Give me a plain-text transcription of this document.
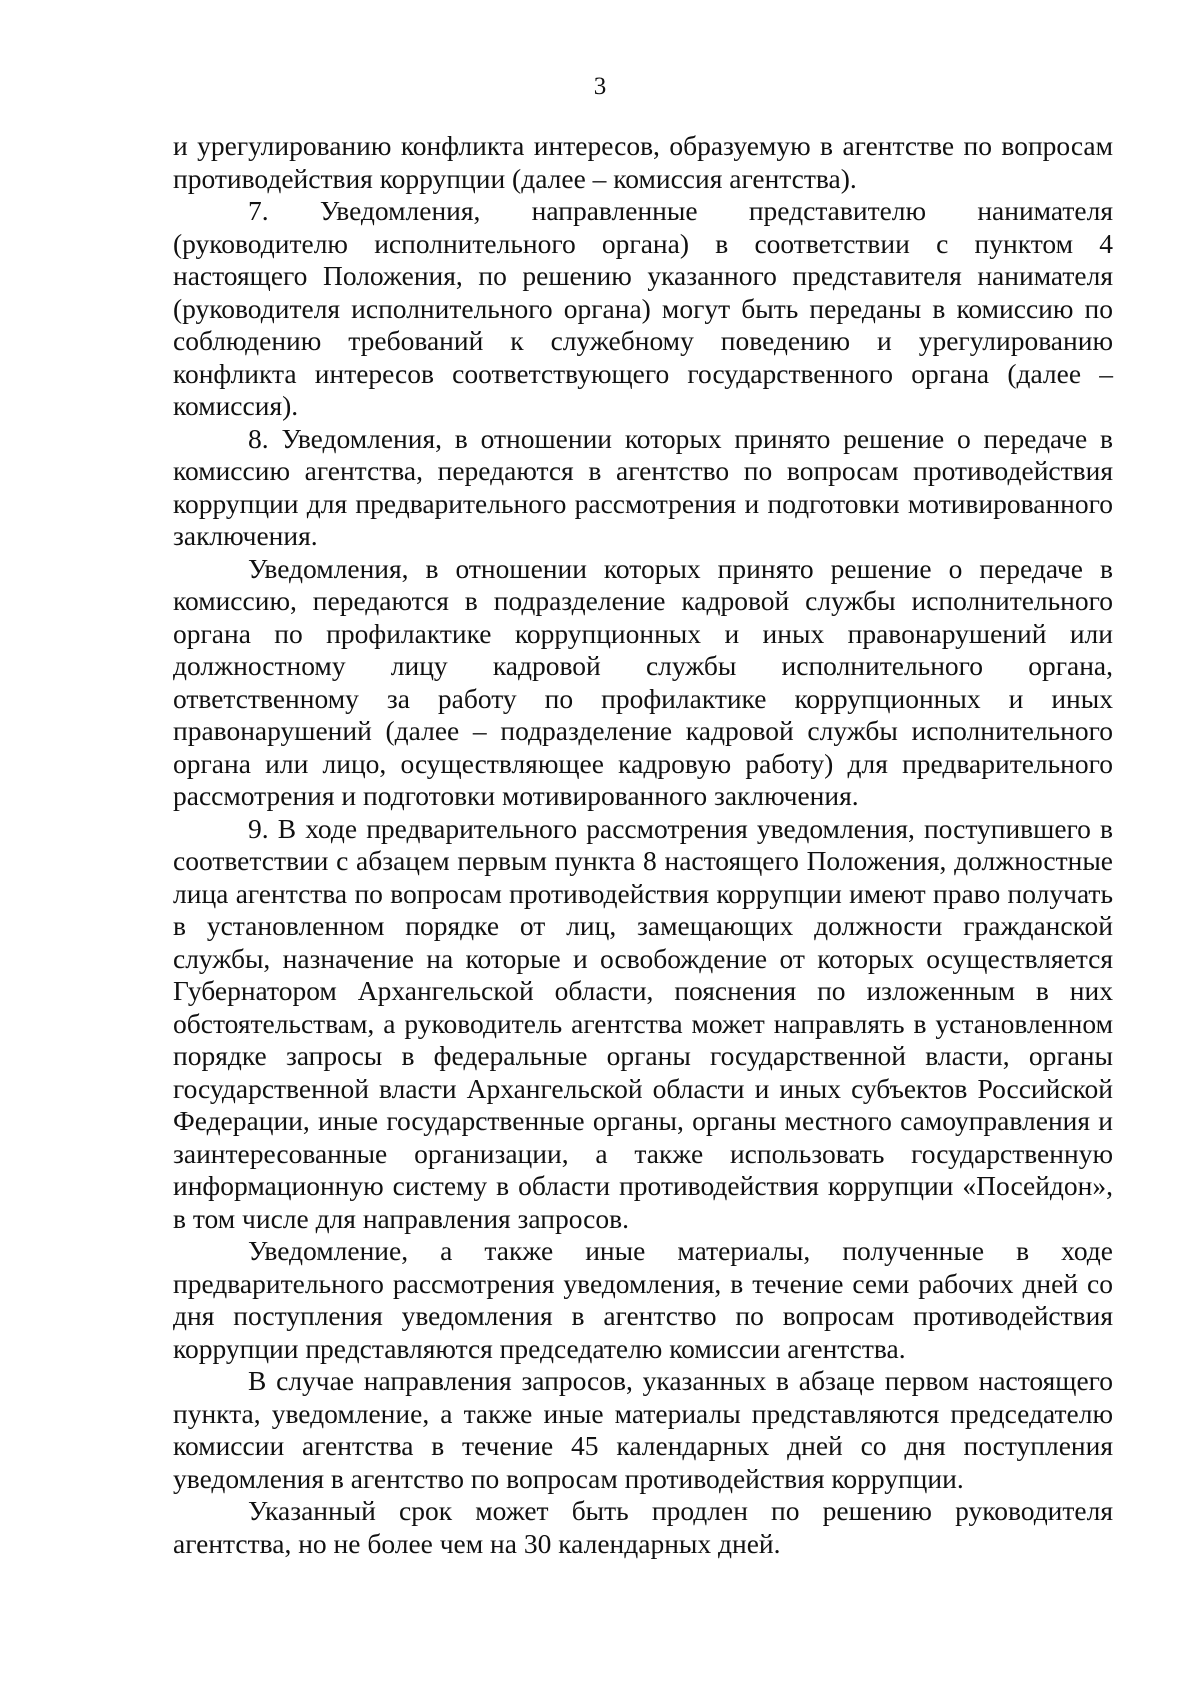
3

и урегулированию конфликта интересов, образуемую в агентстве по вопросам противодействия коррупции (далее – комиссия агентства).

7. Уведомления, направленные представителю нанимателя (руководителю исполнительного органа) в соответствии с пунктом 4 настоящего Положения, по решению указанного представителя нанимателя (руководителя исполнительного органа) могут быть переданы в комиссию по соблюдению требований к служебному поведению и урегулированию конфликта интересов соответствующего государственного органа (далее – комиссия).

8. Уведомления, в отношении которых принято решение о передаче в комиссию агентства, передаются в агентство по вопросам противодействия коррупции для предварительного рассмотрения и подготовки мотивированного заключения.

Уведомления, в отношении которых принято решение о передаче в комиссию, передаются в подразделение кадровой службы исполнительного органа по профилактике коррупционных и иных правонарушений или должностному лицу кадровой службы исполнительного органа, ответственному за работу по профилактике коррупционных и иных правонарушений (далее – подразделение кадровой службы исполнительного органа или лицо, осуществляющее кадровую работу) для предварительного рассмотрения и подготовки мотивированного заключения.

9. В ходе предварительного рассмотрения уведомления, поступившего в соответствии с абзацем первым пункта 8 настоящего Положения, должностные лица агентства по вопросам противодействия коррупции имеют право получать в установленном порядке от лиц, замещающих должности гражданской службы, назначение на которые и освобождение от которых осуществляется Губернатором Архангельской области, пояснения по изложенным в них обстоятельствам, а руководитель агентства может направлять в установленном порядке запросы в федеральные органы государственной власти, органы государственной власти Архангельской области и иных субъектов Российской Федерации, иные государственные органы, органы местного самоуправления и заинтересованные организации, а также использовать государственную информационную систему в области противодействия коррупции «Посейдон», в том числе для направления запросов.

Уведомление, а также иные материалы, полученные в ходе предварительного рассмотрения уведомления, в течение семи рабочих дней со дня поступления уведомления в агентство по вопросам противодействия коррупции представляются председателю комиссии агентства.

В случае направления запросов, указанных в абзаце первом настоящего пункта, уведомление, а также иные материалы представляются председателю комиссии агентства в течение 45 календарных дней со дня поступления уведомления в агентство по вопросам противодействия коррупции.

Указанный срок может быть продлен по решению руководителя агентства, но не более чем на 30 календарных дней.
